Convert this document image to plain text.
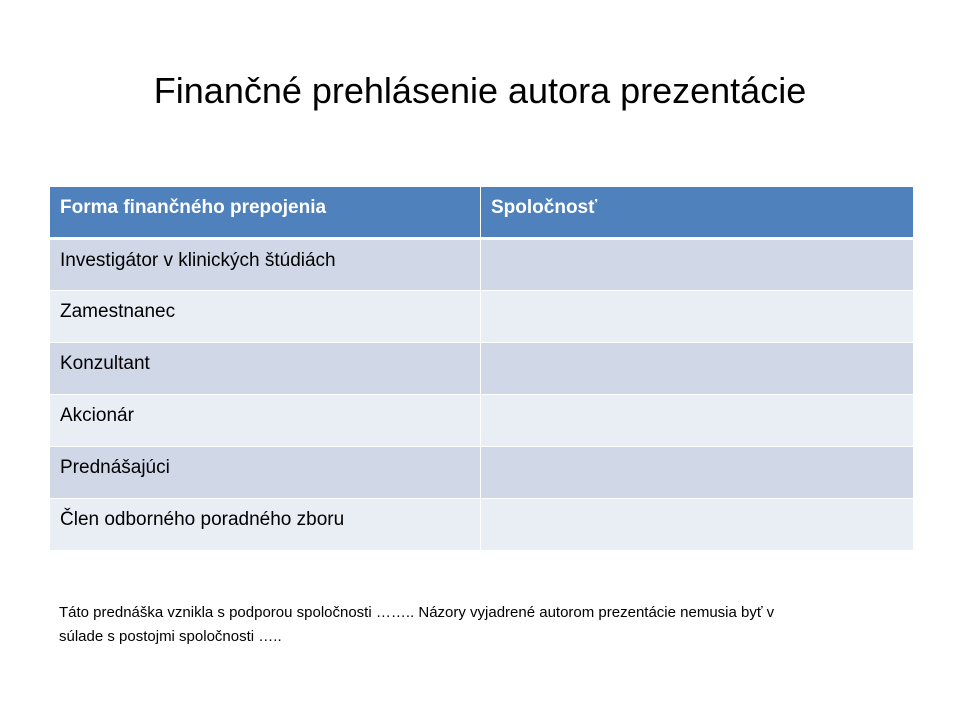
Finančné prehlásenie autora prezentácie
Forma finančného prepojenia	Spoločnosť
Investigátor v klinických štúdiách	
Zamestnanec	
Konzultant	
Akcionár	
Prednášajúci	
Člen odborného poradného zboru	

Táto prednáška vznikla s podporou spoločnosti …….. Názory vyjadrené autorom prezentácie nemusia byť v
súlade s postojmi spoločnosti …..
